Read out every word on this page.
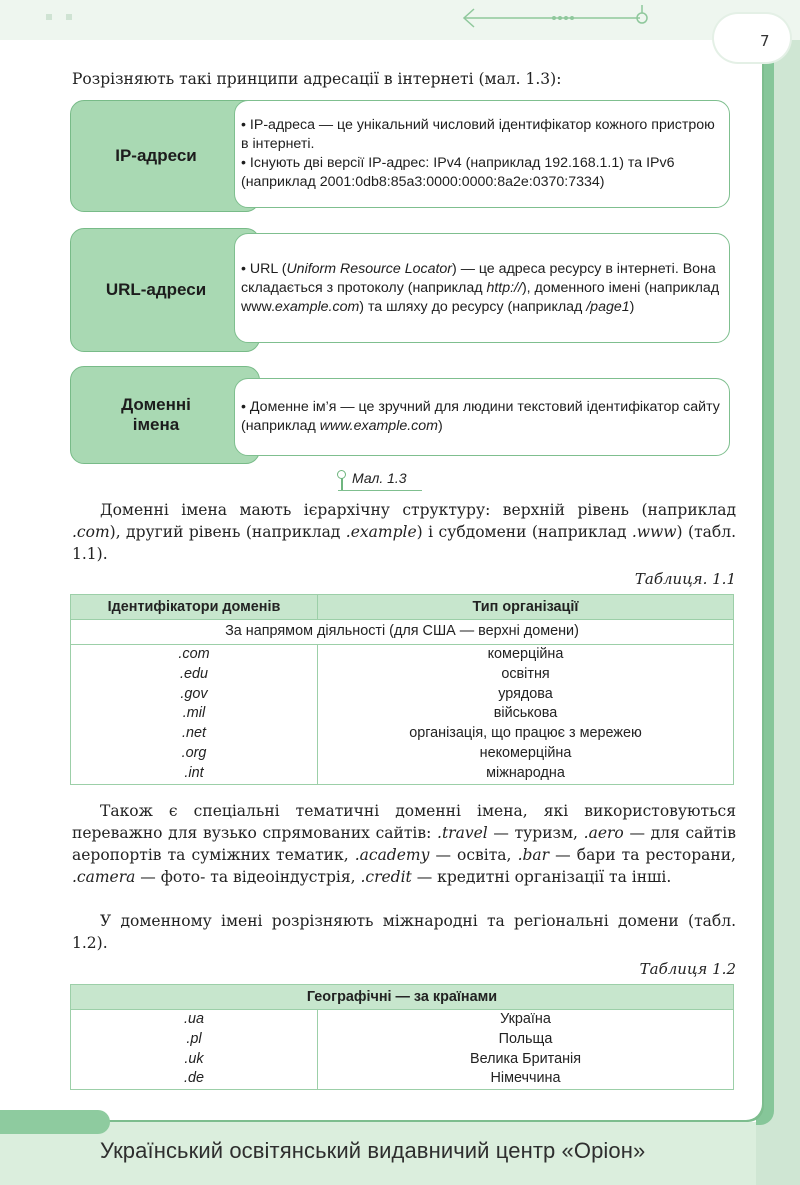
7

Розрізняють такі принципи адресації в інтернеті (мал. 1.3):

IP-адреси
• IP-адреса — це унікальний числовий ідентифікатор кожного пристрою в інтернеті.
• Існують дві версії IP-адрес: IPv4 (наприклад 192.168.1.1) та IPv6 (наприклад 2001:0db8:85a3:0000:0000:8a2e:0370:7334)
URL-адреси
• URL (Uniform Resource Locator) — це адреса ресурсу в інтернеті. Вона складається з протоколу (наприклад http://), доменного імені (наприклад www.example.com) та шляху до ресурсу (наприклад /page1)
Доменні
імена
• Доменне ім’я — це зручний для людини текстовий ідентифікатор сайту (наприклад www.example.com)
Мал. 1.3

Доменні імена мають ієрархічну структуру: верхній рівень (наприклад .com), другий рівень (наприклад .example) і субдомени (наприклад .www) (табл. 1.1).

Таблиця. 1.1
Ідентифікатори доменів	Тип організації
За напрямом діяльності (для США — верхні домени)	
.com	комерційна
.edu	освітня
.gov	урядова
.mil	військова
.net	організація, що працює з мережею
.org	некомерційна
.int	міжнародна

Також є спеціальні тематичні доменні імена, які використовуються переважно для вузько спрямованих сайтів: .travel — туризм, .aero — для сайтів аеропортів та суміжних тематик, .academy — освіта, .bar — бари та ресторани, .camera — фото- та відеоіндустрія, .credit — кредитні організації та інші.

У доменному імені розрізняють міжнародні та регіональні домени (табл. 1.2).

Таблиця 1.2
Географічні — за країнами	
.ua	Україна
.pl	Польща
.uk	Велика Британія
.de	Німеччина
Український освітянський видавничий центр «Оріон»
